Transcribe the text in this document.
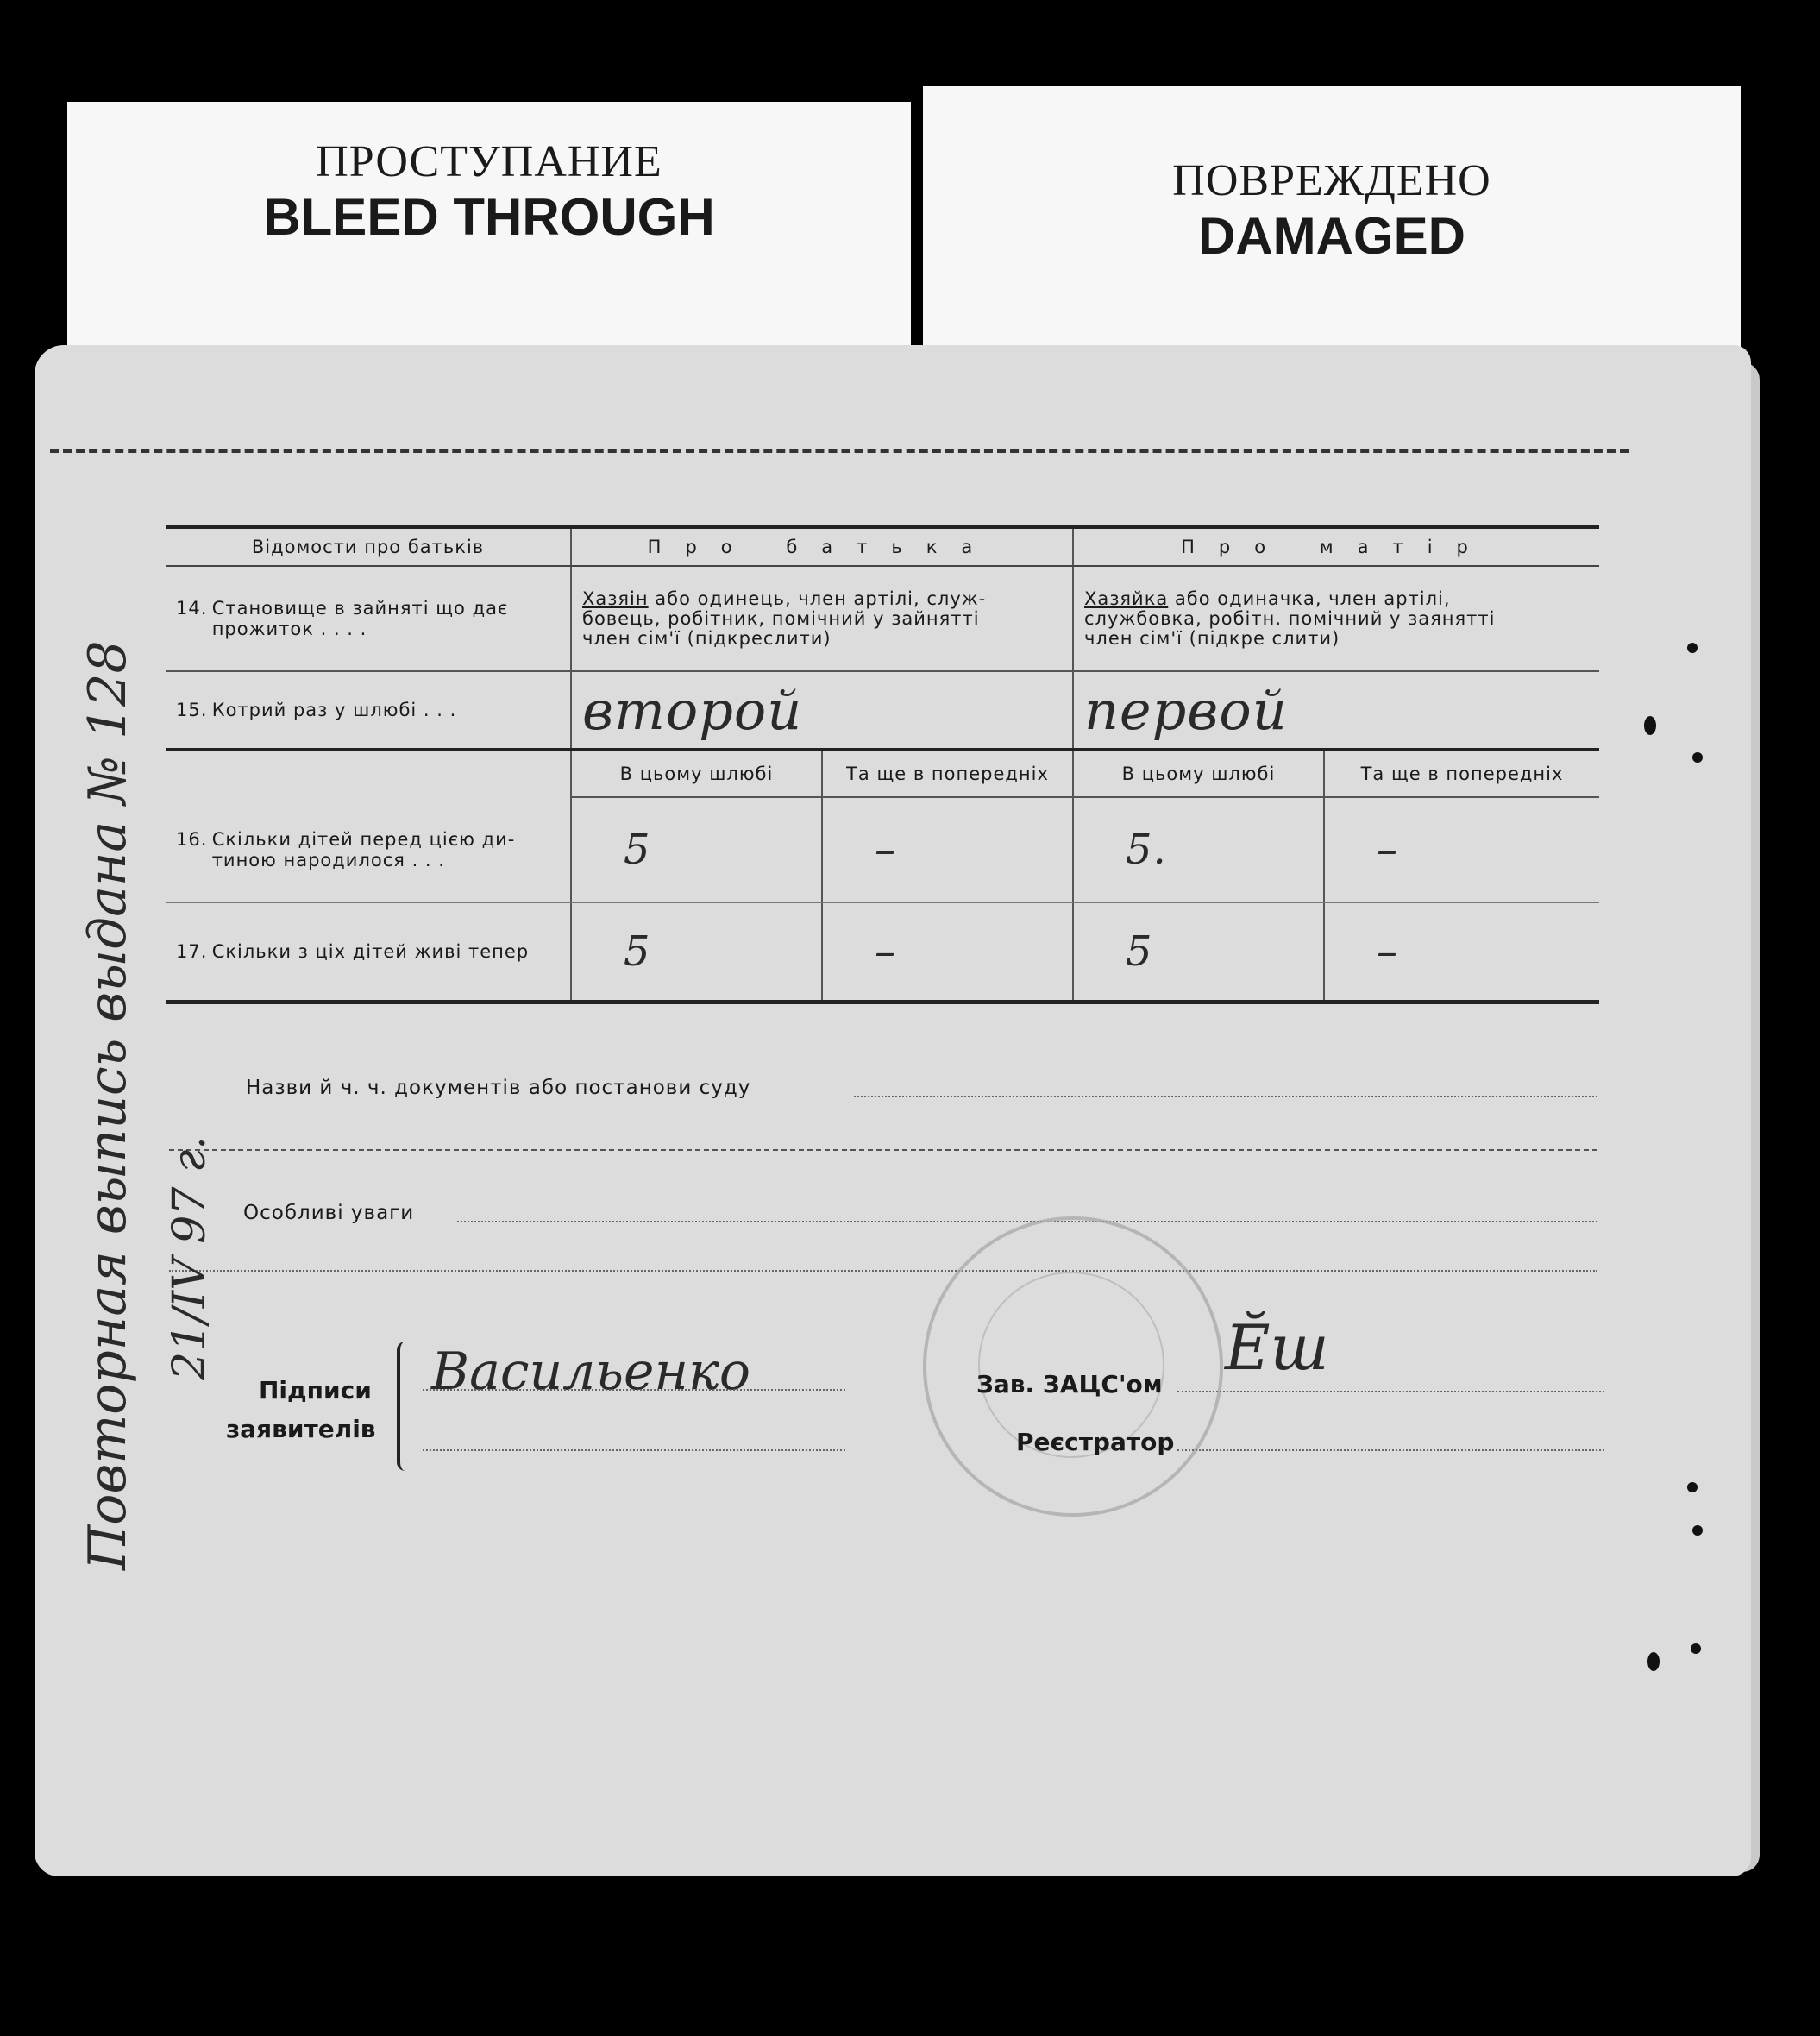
ПРОСТУПАНИЕ
BLEED THROUGH
ПОВРЕЖДЕНО
DAMAGED
Відомости про батьків	Про батька		Про матір	
14. Становище в зайняті що дає
прожиток . . . .	Хазяін або одинець, член артілі, служ-
бовець, робітник, помічний у зайнятті
член сім'ї (підкреслити)		Хазяйка або одиначка, член артілі,
службовка, робітн. помічний у заянятті
член сім'ї (підкре слити)	
15. Котрий раз у шлюбі . . .	второй		первой	
	В цьому шлюбі	Та ще в попередніх	В цьому шлюбі	Та ще в попередніх
16. Скільки дітей перед цією ди-
тиною народилося . . .	5	–	5.	–
17. Скільки з ціх дітей живі тепер	5	–	5	–
Назви й ч. ч. документів або постанови суду
Особливі уваги
Підписи
заявителів
Васильенко	Зав. ЗАЦС'ом
Ӗш
Реєстратор
Повторная выпись выдана № 128 21/IV 97 г.
